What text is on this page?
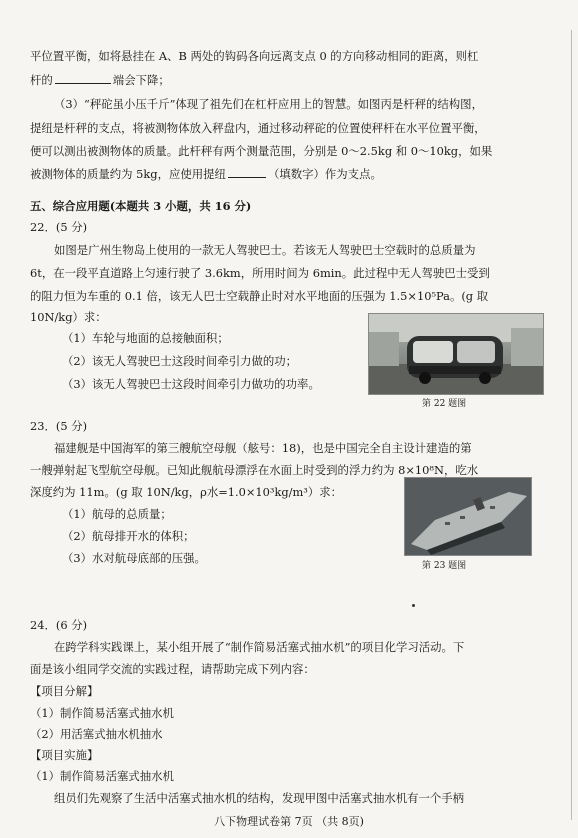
平位置平衡，如将悬挂在 A、B 两处的钩码各向远离支点 0 的方向移动相同的距离，则杠
杆的	端会下降；
（3）“秤砣虽小压千斤”体现了祖先们在杠杆应用上的智慧。如图丙是杆秤的结构图，
提纽是杆秤的支点，将被测物体放入秤盘内，通过移动秤砣的位置使秤杆在水平位置平衡，
便可以测出被测物体的质量。此杆秤有两个测量范围，分别是 0～2.5kg 和 0～10kg，如果
被测物体的质量约为 5kg，应使用提纽	（填数字）作为支点。
五、综合应用题(本题共 3 小题，共 16 分)
22．(5 分)
如图是广州生物岛上使用的一款无人驾驶巴士。若该无人驾驶巴士空载时的总质量为
6t，在一段平直道路上匀速行驶了 3.6km，所用时间为 6min。此过程中无人驾驶巴士受到
的阻力恒为车重的 0.1 倍，该无人巴士空载静止时对水平地面的压强为 1.5×10⁵Pa。(g 取
10N/kg）求：
（1）车轮与地面的总接触面积；
（2）该无人驾驶巴士这段时间牵引力做的功；
（3）该无人驾驶巴士这段时间牵引力做功的功率。
第 22 题图
23．(5 分)
福建舰是中国海军的第三艘航空母舰（舷号：18)，也是中国完全自主设计建造的第
一艘弹射起飞型航空母舰。已知此舰航母漂浮在水面上时受到的浮力约为 8×10⁸N，吃水
深度约为 11m。(g 取 10N/kg，ρ水=1.0×10³kg/m³）求：
（1）航母的总质量；
（2）航母排开水的体积；
（3）水对航母底部的压强。
第 23 题图
24．(6 分)
在跨学科实践课上，某小组开展了“制作简易活塞式抽水机”的项目化学习活动。下
面是该小组同学交流的实践过程，请帮助完成下列内容：
【项目分解】
（1）制作简易活塞式抽水机
（2）用活塞式抽水机抽水
【项目实施】
（1）制作简易活塞式抽水机
组员们先观察了生活中活塞式抽水机的结构，发现甲图中活塞式抽水机有一个手柄
八下物理试卷第 7页 （共 8页)
